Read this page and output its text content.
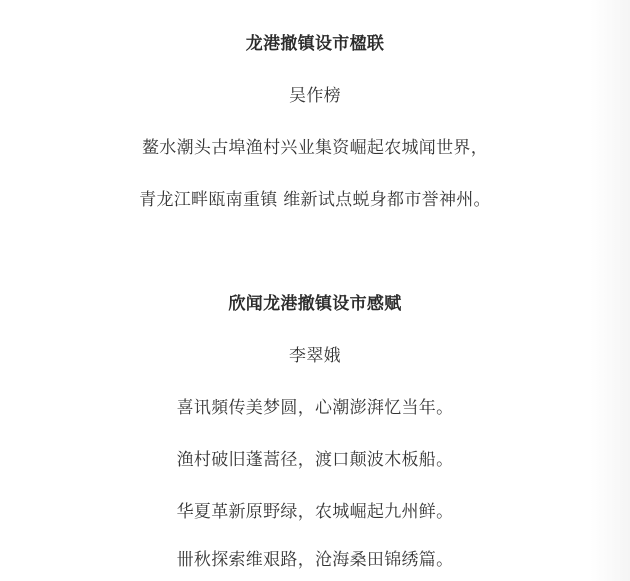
龙港撤镇设市楹联
吴作榜
鳌水潮头古埠渔村兴业集资崛起农城闻世界，
青龙江畔瓯南重镇 维新试点蜕身都市誉神州。
欣闻龙港撤镇设市感赋
李翠娥
喜讯頻传美梦圆，心潮澎湃忆当年。
渔村破旧蓬蒿径，渡口颠波木板船。
华夏革新原野绿，农城崛起九州鲜。
卌秋探索维艰路，沧海桑田锦绣篇。
